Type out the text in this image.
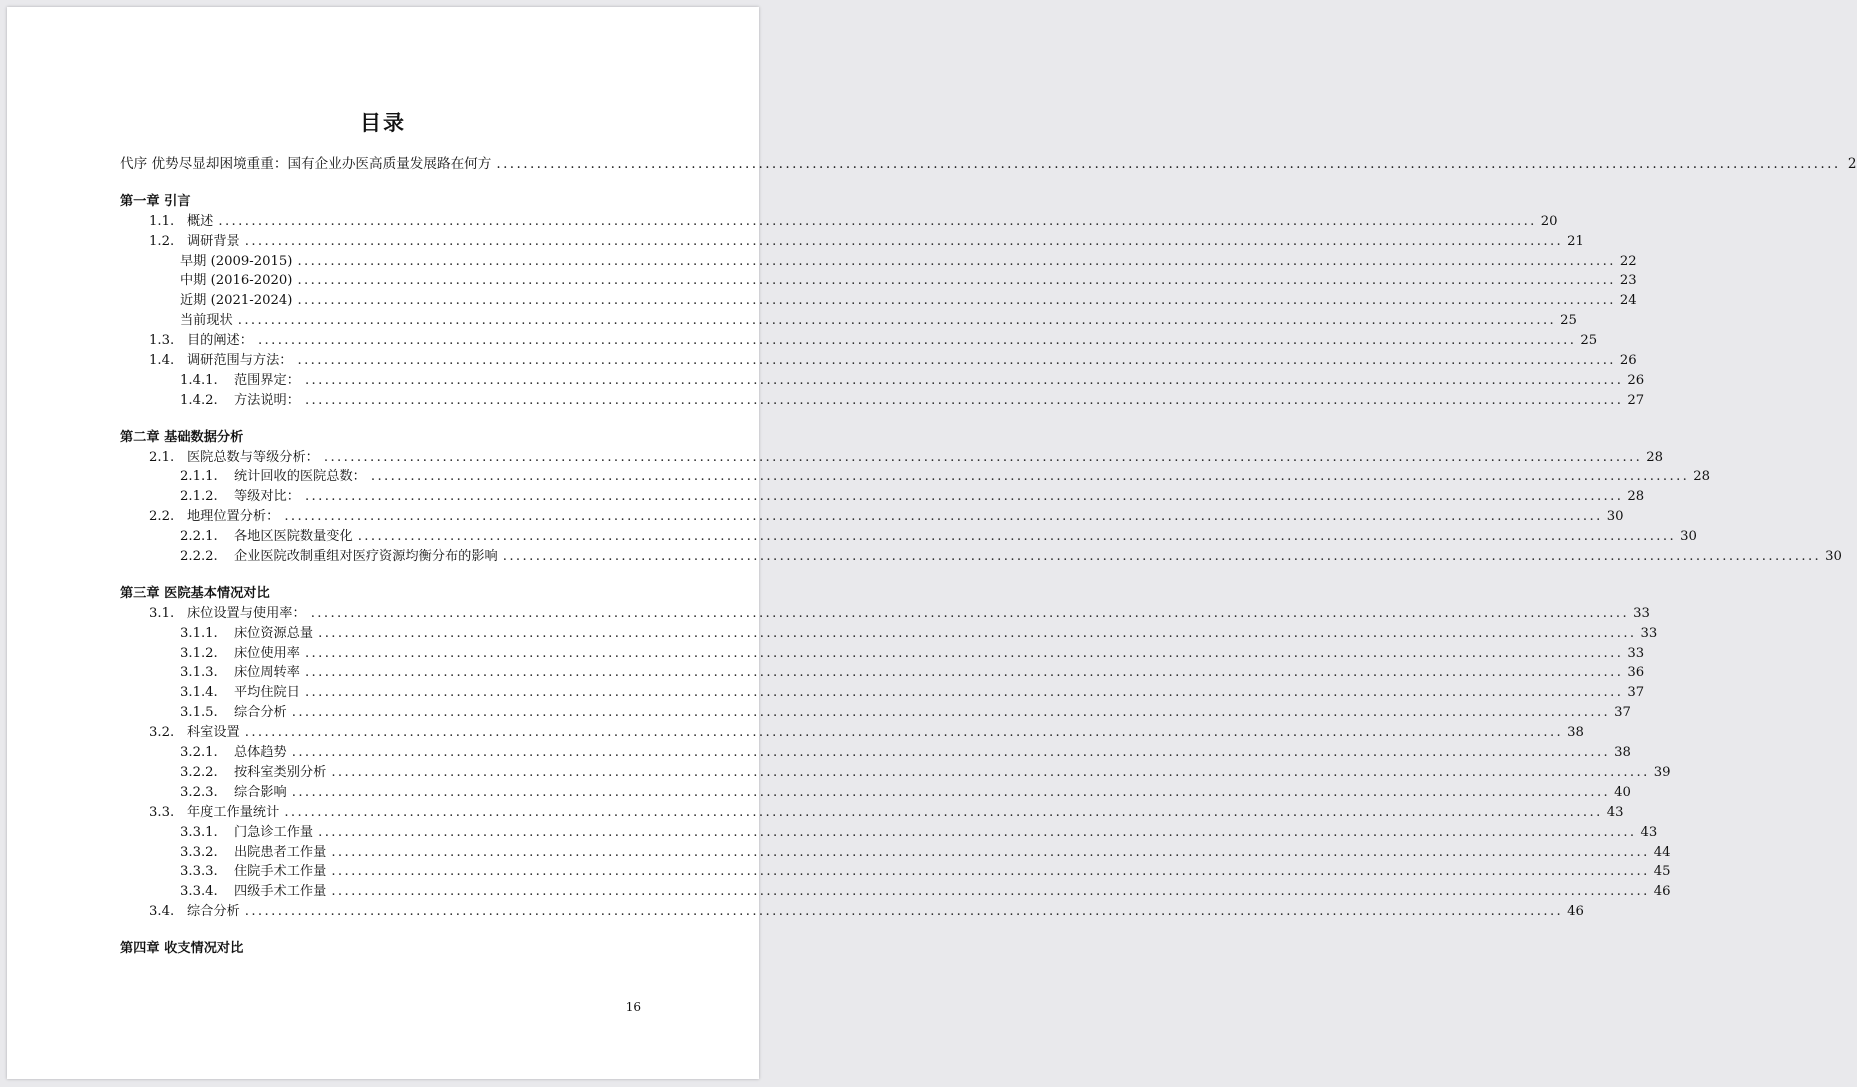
目录
代序 优势尽显却困境重重：国有企业办医高质量发展路在何方 ........................................................................................................................................................................................................ 2
第一章 引言
1.1. 概述 ........................................................................................................................................................................................................ 20
1.2. 调研背景 ........................................................................................................................................................................................................ 21
早期 (2009-2015) ........................................................................................................................................................................................................ 22
中期 (2016-2020) ........................................................................................................................................................................................................ 23
近期 (2021-2024) ........................................................................................................................................................................................................ 24
当前现状 ........................................................................................................................................................................................................ 25
1.3. 目的阐述： ........................................................................................................................................................................................................ 25
1.4. 调研范围与方法： ........................................................................................................................................................................................................ 26
1.4.1.	范围界定： ........................................................................................................................................................................................................ 26
1.4.2.	方法说明： ........................................................................................................................................................................................................ 27
第二章 基础数据分析
2.1. 医院总数与等级分析： ........................................................................................................................................................................................................ 28
2.1.1.	统计回收的医院总数： ........................................................................................................................................................................................................ 28
2.1.2.	等级对比： ........................................................................................................................................................................................................ 28
2.2. 地理位置分析： ........................................................................................................................................................................................................ 30
2.2.1.	各地区医院数量变化 ........................................................................................................................................................................................................ 30
2.2.2.	企业医院改制重组对医疗资源均衡分布的影响 ........................................................................................................................................................................................................ 30
第三章 医院基本情况对比
3.1. 床位设置与使用率： ........................................................................................................................................................................................................ 33
3.1.1.	床位资源总量 ........................................................................................................................................................................................................ 33
3.1.2.	床位使用率 ........................................................................................................................................................................................................ 33
3.1.3.	床位周转率 ........................................................................................................................................................................................................ 36
3.1.4.	平均住院日 ........................................................................................................................................................................................................ 37
3.1.5.	综合分析 ........................................................................................................................................................................................................ 37
3.2. 科室设置 ........................................................................................................................................................................................................ 38
3.2.1.	总体趋势 ........................................................................................................................................................................................................ 38
3.2.2.	按科室类别分析 ........................................................................................................................................................................................................ 39
3.2.3.	综合影响 ........................................................................................................................................................................................................ 40
3.3. 年度工作量统计 ........................................................................................................................................................................................................ 43
3.3.1.	门急诊工作量 ........................................................................................................................................................................................................ 43
3.3.2.	出院患者工作量 ........................................................................................................................................................................................................ 44
3.3.3.	住院手术工作量 ........................................................................................................................................................................................................ 45
3.3.4.	四级手术工作量 ........................................................................................................................................................................................................ 46
3.4. 综合分析 ........................................................................................................................................................................................................ 46
第四章 收支情况对比
16
